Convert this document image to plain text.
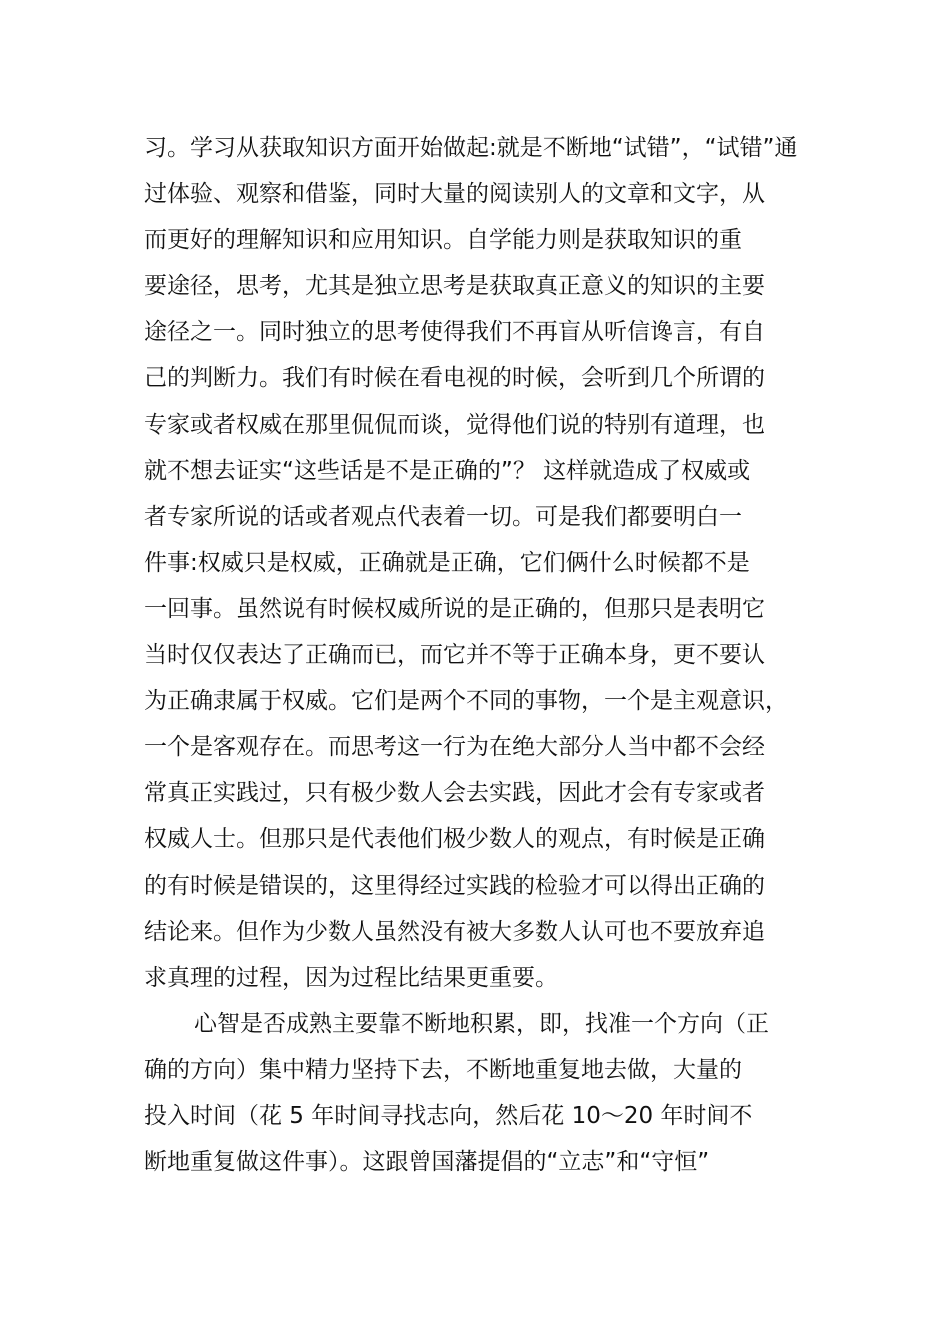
习。学习从获取知识方面开始做起:就是不断地“试错”，“试错”通
过体验、观察和借鉴，同时大量的阅读别人的文章和文字，从
而更好的理解知识和应用知识。自学能力则是获取知识的重
要途径，思考，尤其是独立思考是获取真正意义的知识的主要
途径之一。同时独立的思考使得我们不再盲从听信谗言，有自
己的判断力。我们有时候在看电视的时候，会听到几个所谓的
专家或者权威在那里侃侃而谈，觉得他们说的特别有道理，也
就不想去证实“这些话是不是正确的”？ 这样就造成了权威或
者专家所说的话或者观点代表着一切。可是我们都要明白一
件事:权威只是权威，正确就是正确，它们俩什么时候都不是
一回事。虽然说有时候权威所说的是正确的，但那只是表明它
当时仅仅表达了正确而已，而它并不等于正确本身，更不要认
为正确隶属于权威。它们是两个不同的事物，一个是主观意识，
一个是客观存在。而思考这一行为在绝大部分人当中都不会经
常真正实践过，只有极少数人会去实践，因此才会有专家或者
权威人士。但那只是代表他们极少数人的观点，有时候是正确
的有时候是错误的，这里得经过实践的检验才可以得出正确的
结论来。但作为少数人虽然没有被大多数人认可也不要放弃追
求真理的过程，因为过程比结果更重要。
心智是否成熟主要靠不断地积累，即，找准一个方向（正
确的方向）集中精力坚持下去，不断地重复地去做，大量的
投入时间（花 5 年时间寻找志向，然后花 10～20 年时间不
断地重复做这件事）。这跟曾国藩提倡的“立志”和“守恒”
